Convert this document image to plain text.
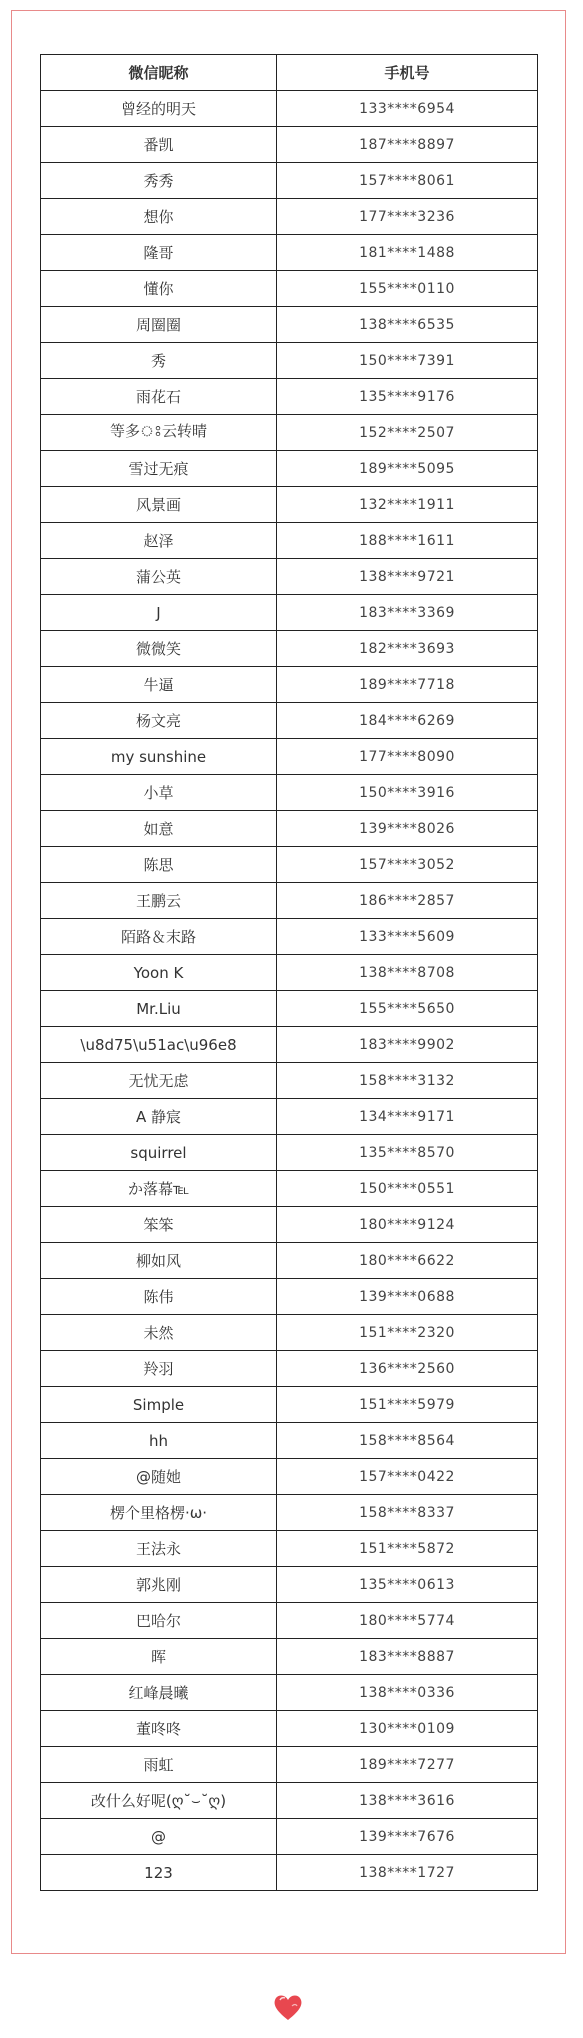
微信昵称	手机号
曾经的明天	133****6954
番凯	187****8897
秀秀	157****8061
想你	177****3236
隆哥	181****1488
懂你	155****0110
周圈圈	138****6535
秀	150****7391
雨花石	135****9176
等多ঃ云转晴	152****2507
雪过无痕	189****5095
风景画	132****1911
赵泽	188****1611
蒲公英	138****9721
J	183****3369
微微笑	182****3693
牛逼	189****7718
杨文亮	184****6269
my sunshine	177****8090
小草	150****3916
如意	139****8026
陈思	157****3052
王鹏云	186****2857
陌路＆末路	133****5609
Yoon K	138****8708
Mr.Liu	155****5650
\u8d75\u51ac\u96e8	183****9902
无忧无虑	158****3132
A 静宸	134****9171
squirrel	135****8570
か落幕℡	150****0551
笨笨	180****9124
柳如风	180****6622
陈伟	139****0688
未然	151****2320
羚羽	136****2560
Simple	151****5979
hh	158****8564
@随她	157****0422
楞个里格楞·ω·	158****8337
王法永	151****5872
郭兆刚	135****0613
巴哈尔	180****5774
晖	183****8887
红峰晨曦	138****0336
董咚咚	130****0109
雨虹	189****7277
改什么好呢(ღ˘⌣˘ღ)	138****3616
@	139****7676
123	138****1727
